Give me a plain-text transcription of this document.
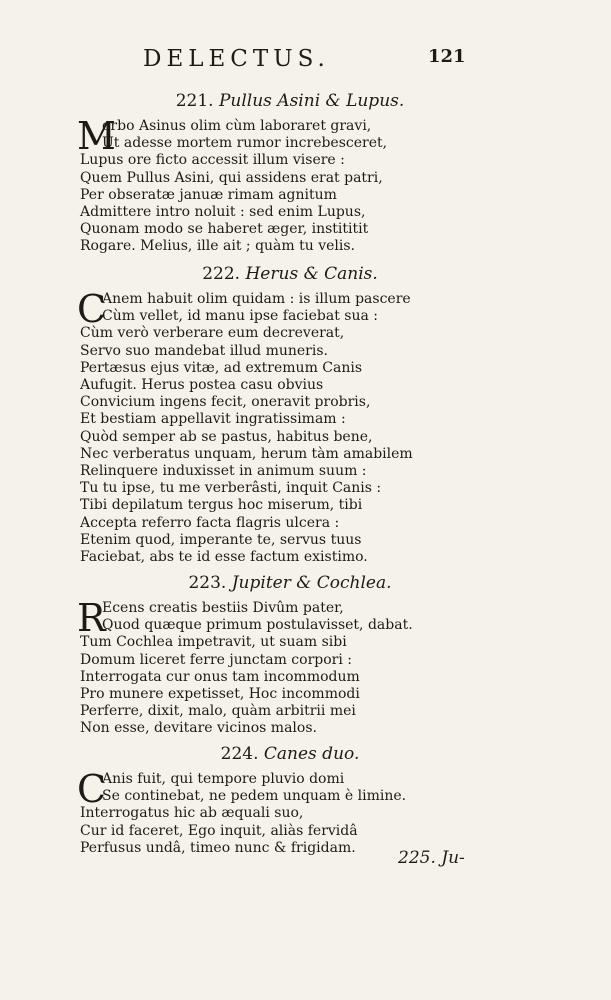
DELECTUS.	121
221. Pullus Asini & Lupus.
M
orbo Asinus olim cùm laboraret gravi,
Ut adesse mortem rumor increbesceret,
Lupus ore ficto accessit illum visere :
Quem Pullus Asini, qui assidens erat patri,
Per obseratæ januæ rimam agnitum
Admittere intro noluit : sed enim Lupus,
Quonam modo se haberet æger, instititit
Rogare. Melius, ille ait ; quàm tu velis.
222. Herus & Canis.
C
Anem habuit olim quidam : is illum pascere
Cùm vellet, id manu ipse faciebat sua :
Cùm verò verberare eum decreverat,
Servo suo mandebat illud muneris.
Pertæsus ejus vitæ, ad extremum Canis
Aufugit. Herus postea casu obvius
Convicium ingens fecit, oneravit probris,
Et bestiam appellavit ingratissimam :
Quòd semper ab se pastus, habitus bene,
Nec verberatus unquam, herum tàm amabilem
Relinquere induxisset in animum suum :
Tu tu ipse, tu me verberâsti, inquit Canis :
Tibi depilatum tergus hoc miserum, tibi
Accepta referro facta flagris ulcera :
Etenim quod, imperante te, servus tuus
Faciebat, abs te id esse factum existimo.
223. Jupiter & Cochlea.
R
Ecens creatis bestiis Divûm pater,
Quod quæque primum postulavisset, dabat.
Tum Cochlea impetravit, ut suam sibi
Domum liceret ferre junctam corpori :
Interrogata cur onus tam incommodum
Pro munere expetisset, Hoc incommodi
Perferre, dixit, malo, quàm arbitrii mei
Non esse, devitare vicinos malos.
224. Canes duo.
C
Anis fuit, qui tempore pluvio domi
Se continebat, ne pedem unquam è limine.
Interrogatus hic ab æquali suo,
Cur id faceret, Ego inquit, aliàs fervidâ
Perfusus undâ, timeo nunc & frigidam.
225. Ju-
